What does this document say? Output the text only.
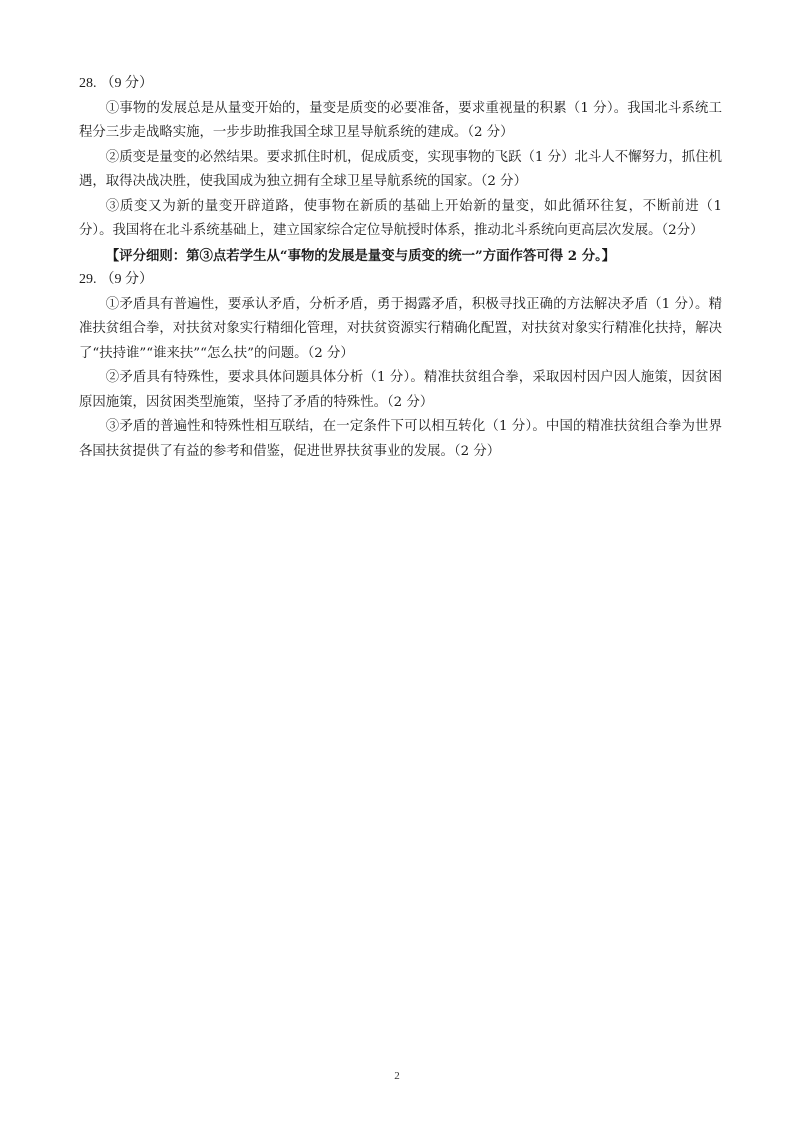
28. （9 分）

①事物的发展总是从量变开始的，量变是质变的必要准备，要求重视量的积累（1 分）。我国北斗系统工程分三步走战略实施，一步步助推我国全球卫星导航系统的建成。（2 分）

②质变是量变的必然结果。要求抓住时机，促成质变，实现事物的飞跃（1 分）北斗人不懈努力，抓住机遇，取得决战决胜，使我国成为独立拥有全球卫星导航系统的国家。（2 分）

③质变又为新的量变开辟道路，使事物在新质的基础上开始新的量变，如此循环往复，不断前进（1分）。我国将在北斗系统基础上，建立国家综合定位导航授时体系，推动北斗系统向更高层次发展。（2分）

【评分细则：第③点若学生从“事物的发展是量变与质变的统一”方面作答可得 2 分。】

29. （9 分）

①矛盾具有普遍性，要承认矛盾，分析矛盾，勇于揭露矛盾，积极寻找正确的方法解决矛盾（1 分）。精准扶贫组合拳，对扶贫对象实行精细化管理，对扶贫资源实行精确化配置，对扶贫对象实行精准化扶持，解决了“扶持谁”“谁来扶”“怎么扶”的问题。（2 分）

②矛盾具有特殊性，要求具体问题具体分析（1 分）。精准扶贫组合拳，采取因村因户因人施策，因贫困原因施策，因贫困类型施策，坚持了矛盾的特殊性。（2 分）

③矛盾的普遍性和特殊性相互联结，在一定条件下可以相互转化（1 分）。中国的精准扶贫组合拳为世界各国扶贫提供了有益的参考和借鉴，促进世界扶贫事业的发展。（2 分）

2
